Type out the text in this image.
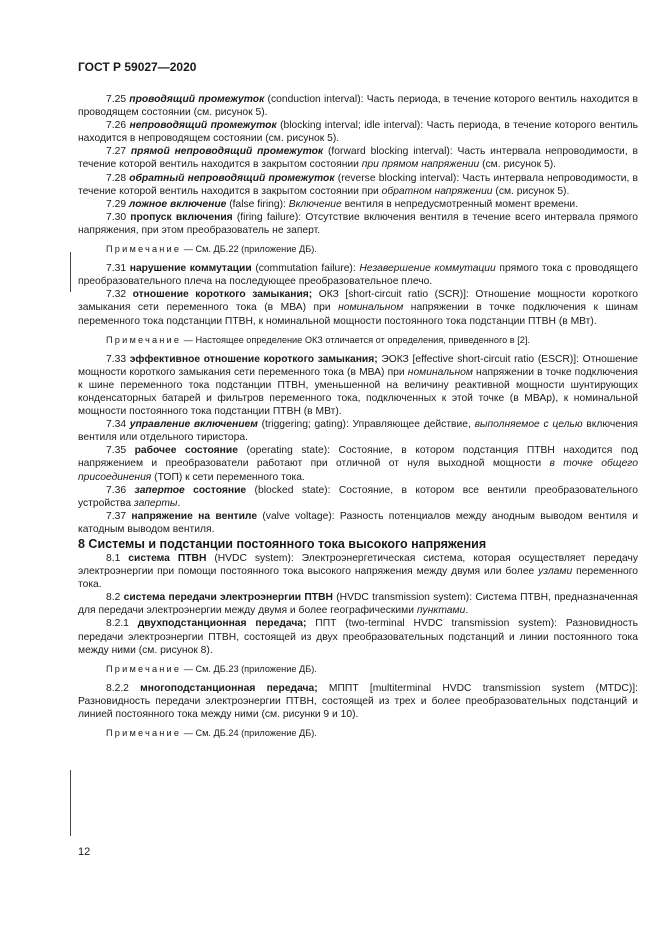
ГОСТ Р 59027—2020

7.25 проводящий промежуток (conduction interval): Часть периода, в течение которого вентиль находится в проводящем состоянии (см. рисунок 5).

7.26 непроводящий промежуток (blocking interval; idle interval): Часть периода, в течение которого вентиль находится в непроводящем состоянии (см. рисунок 5).

7.27 прямой непроводящий промежуток (forward blocking interval): Часть интервала непроводимости, в течение которой вентиль находится в закрытом состоянии при прямом напряжении (см. рисунок 5).

7.28 обратный непроводящий промежуток (reverse blocking interval): Часть интервала непроводимости, в течение которой вентиль находится в закрытом состоянии при обратном напряжении (см. рисунок 5).

7.29 ложное включение (false firing): Включение вентиля в непредусмотренный момент времени.

7.30 пропуск включения (firing failure): Отсутствие включения вентиля в течение всего интервала прямого напряжения, при этом преобразователь не заперт.

Примечание — См. ДБ.22 (приложение ДБ).

7.31 нарушение коммутации (commutation failure): Незавершение коммутации прямого тока с проводящего преобразовательного плеча на последующее преобразовательное плечо.

7.32 отношение короткого замыкания; ОКЗ [short-circuit ratio (SCR)]: Отношение мощности короткого замыкания сети переменного тока (в МВА) при номинальном напряжении в точке подключения к шинам переменного тока подстанции ПТВН, к номинальной мощности постоянного тока подстанции ПТВН (в МВт).

Примечание — Настоящее определение ОКЗ отличается от определения, приведенного в [2].

7.33 эффективное отношение короткого замыкания; ЭОКЗ [effective short-circuit ratio (ESCR)]: Отношение мощности короткого замыкания сети переменного тока (в МВА) при номинальном напряжении в точке подключения к шине переменного тока подстанции ПТВН, уменьшенной на величину реактивной мощности шунтирующих конденсаторных батарей и фильтров переменного тока, подключенных к этой точке (в МВАр), к номинальной мощности постоянного тока подстанции ПТВН (в МВт).

7.34 управление включением (triggering; gating): Управляющее действие, выполняемое с целью включения вентиля или отдельного тиристора.

7.35 рабочее состояние (operating state): Состояние, в котором подстанция ПТВН находится под напряжением и преобразователи работают при отличной от нуля выходной мощности в точке общего присоединения (ТОП) к сети переменного тока.

7.36 запертое состояние (blocked state): Состояние, в котором все вентили преобразовательного устройства заперты.

7.37 напряжение на вентиле (valve voltage): Разность потенциалов между анодным выводом вентиля и катодным выводом вентиля.

8 Системы и подстанции постоянного тока высокого напряжения

8.1 система ПТВН (HVDC system): Электроэнергетическая система, которая осуществляет передачу электроэнергии при помощи постоянного тока высокого напряжения между двумя или более узлами переменного тока.

8.2 система передачи электроэнергии ПТВН (HVDC transmission system): Система ПТВН, предназначенная для передачи электроэнергии между двумя и более географическими пунктами.

8.2.1 двухподстанционная передача; ППТ (two-terminal HVDC transmission system): Разновидность передачи электроэнергии ПТВН, состоящей из двух преобразовательных подстанций и линии постоянного тока между ними (см. рисунок 8).

Примечание — См. ДБ.23 (приложение ДБ).

8.2.2 многоподстанционная передача; МППТ [multiterminal HVDC transmission system (MTDC)]: Разновидность передачи электроэнергии ПТВН, состоящей из трех и более преобразовательных подстанций и линией постоянного тока между ними (см. рисунки 9 и 10).

Примечание — См. ДБ.24 (приложение ДБ).

12
